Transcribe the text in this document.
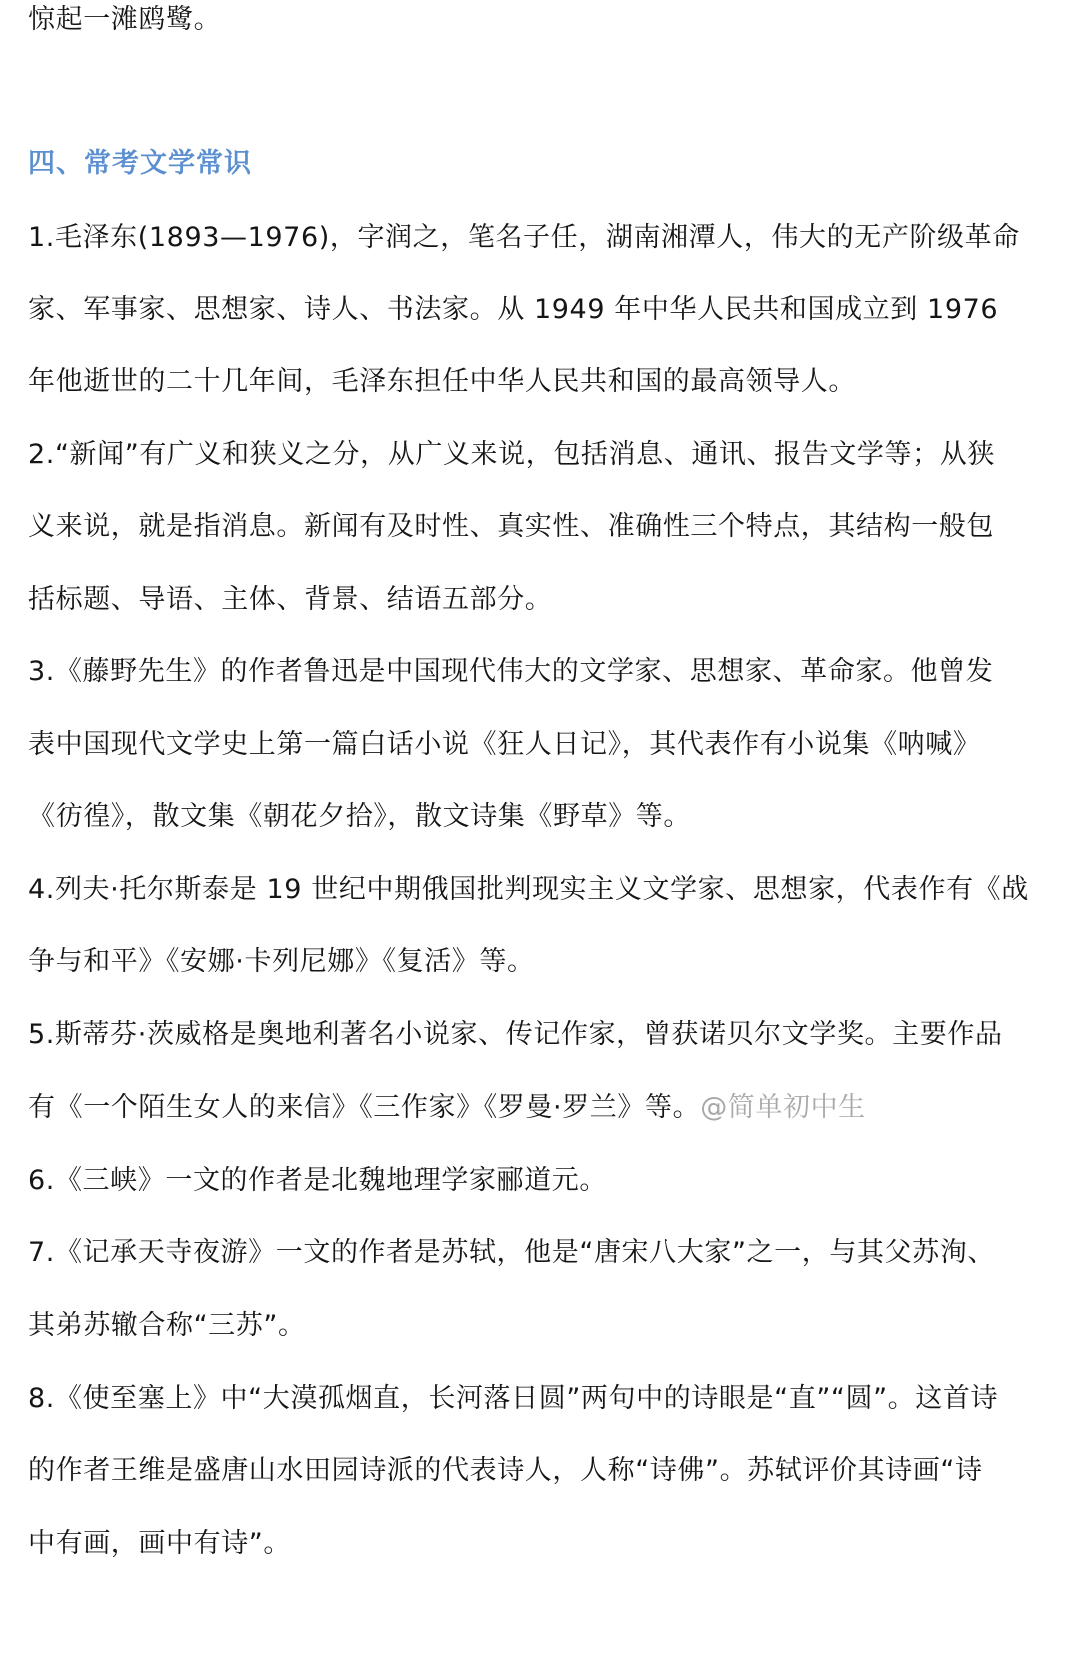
惊起一滩鸥鹭。
四、常考文学常识
1.毛泽东(1893—1976)，字润之，笔名子任，湖南湘潭人，伟大的无产阶级革命
家、军事家、思想家、诗人、书法家。从 1949 年中华人民共和国成立到 1976
年他逝世的二十几年间，毛泽东担任中华人民共和国的最高领导人。
2.“新闻”有广义和狭义之分，从广义来说，包括消息、通讯、报告文学等；从狭
义来说，就是指消息。新闻有及时性、真实性、准确性三个特点，其结构一般包
括标题、导语、主体、背景、结语五部分。
3.《藤野先生》的作者鲁迅是中国现代伟大的文学家、思想家、革命家。他曾发
表中国现代文学史上第一篇白话小说《狂人日记》，其代表作有小说集《呐喊》
《彷徨》，散文集《朝花夕拾》，散文诗集《野草》等。
4.列夫·托尔斯泰是 19 世纪中期俄国批判现实主义文学家、思想家，代表作有《战
争与和平》《安娜·卡列尼娜》《复活》等。
5.斯蒂芬·茨威格是奥地利著名小说家、传记作家，曾获诺贝尔文学奖。主要作品
有《一个陌生女人的来信》《三作家》《罗曼·罗兰》等。@简单初中生
6.《三峡》一文的作者是北魏地理学家郦道元。
7.《记承天寺夜游》一文的作者是苏轼，他是“唐宋八大家”之一，与其父苏洵、
其弟苏辙合称“三苏”。
8.《使至塞上》中“大漠孤烟直，长河落日圆”两句中的诗眼是“直”“圆”。这首诗
的作者王维是盛唐山水田园诗派的代表诗人，人称“诗佛”。苏轼评价其诗画“诗
中有画，画中有诗”。
